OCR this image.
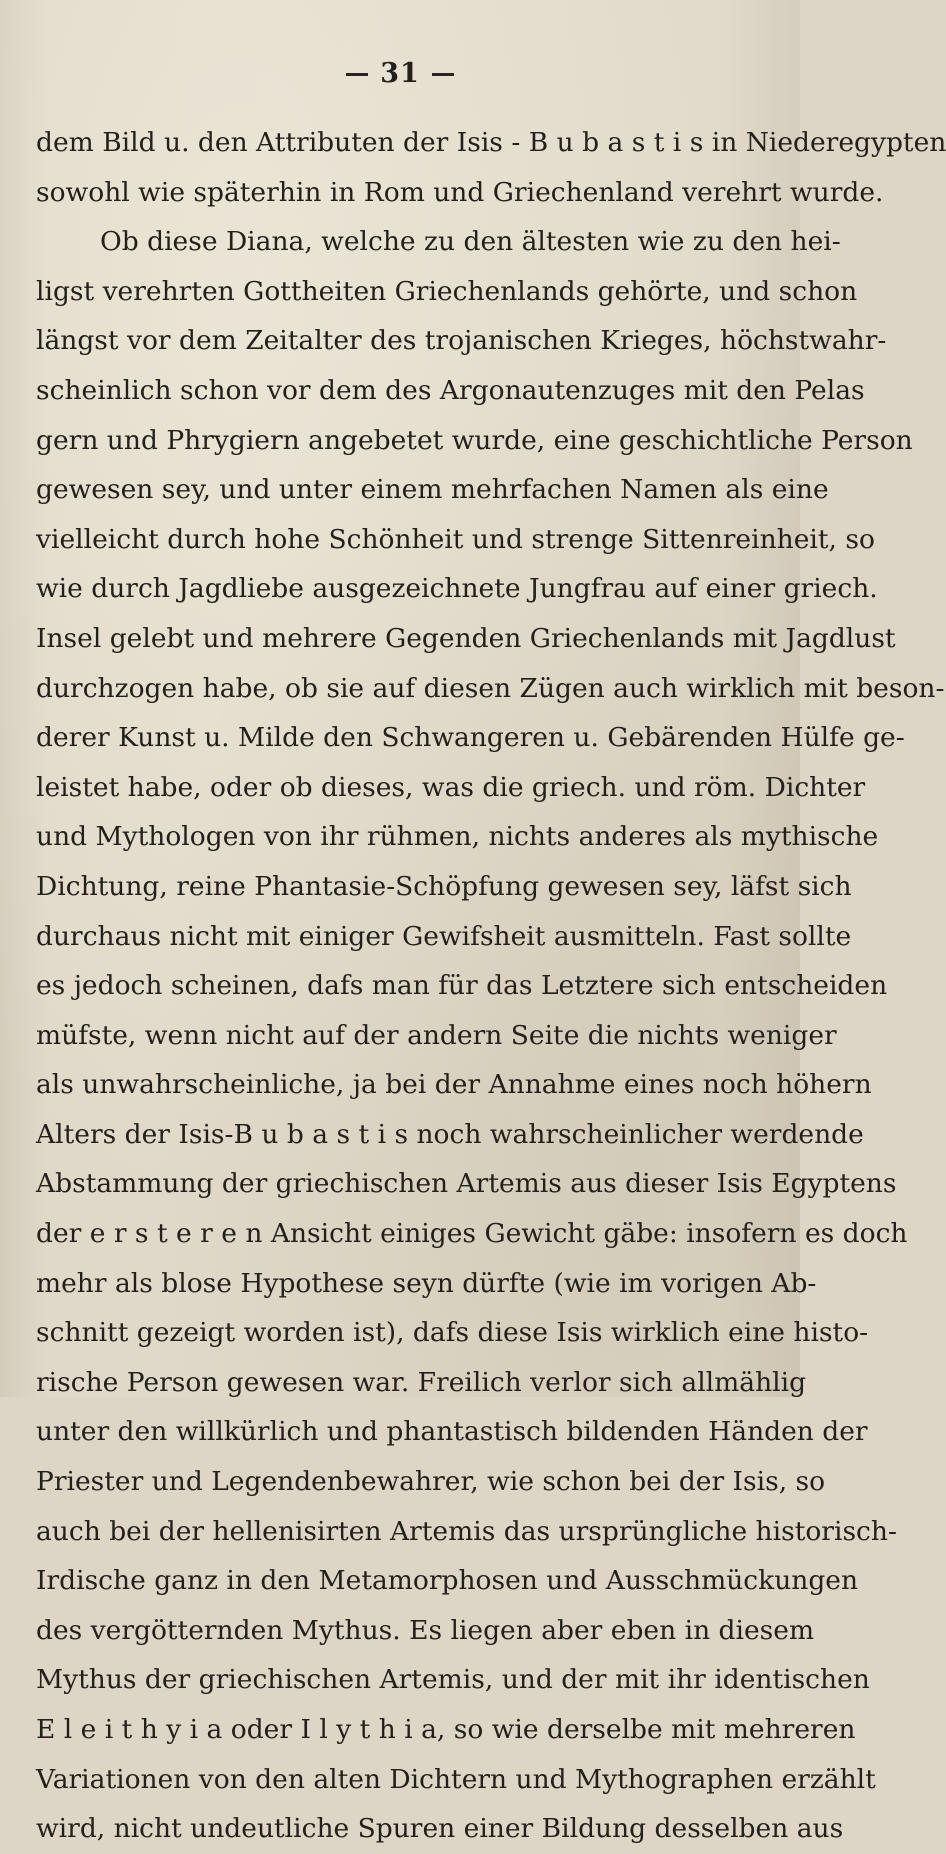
31
dem Bild u. den Attributen der Isis - B u b a s t i s in Niederegypten
sowohl wie späterhin in Rom und Griechenland verehrt wurde.
Ob diese Diana, welche zu den ältesten wie zu den hei-
ligst verehrten Gottheiten Griechenlands gehörte, und schon
längst vor dem Zeitalter des trojanischen Krieges, höchstwahr-
scheinlich schon vor dem des Argonautenzuges mit den Pelas
gern und Phrygiern angebetet wurde, eine geschichtliche Person
gewesen sey, und unter einem mehrfachen Namen als eine
vielleicht durch hohe Schönheit und strenge Sittenreinheit, so
wie durch Jagdliebe ausgezeichnete Jungfrau auf einer griech.
Insel gelebt und mehrere Gegenden Griechenlands mit Jagdlust
durchzogen habe, ob sie auf diesen Zügen auch wirklich mit beson-
derer Kunst u. Milde den Schwangeren u. Gebärenden Hülfe ge-
leistet habe, oder ob dieses, was die griech. und röm. Dichter
und Mythologen von ihr rühmen, nichts anderes als mythische
Dichtung, reine Phantasie-Schöpfung gewesen sey, läfst sich
durchaus nicht mit einiger Gewifsheit ausmitteln. Fast sollte
es jedoch scheinen, dafs man für das Letztere sich entscheiden
müfste, wenn nicht auf der andern Seite die nichts weniger
als unwahrscheinliche, ja bei der Annahme eines noch höhern
Alters der Isis-B u b a s t i s noch wahrscheinlicher werdende
Abstammung der griechischen Artemis aus dieser Isis Egyptens
der e r s t e r e n Ansicht einiges Gewicht gäbe: insofern es doch
mehr als blose Hypothese seyn dürfte (wie im vorigen Ab-
schnitt gezeigt worden ist), dafs diese Isis wirklich eine histo-
rische Person gewesen war. Freilich verlor sich allmählig
unter den willkürlich und phantastisch bildenden Händen der
Priester und Legendenbewahrer, wie schon bei der Isis, so
auch bei der hellenisirten Artemis das ursprüngliche historisch-
Irdische ganz in den Metamorphosen und Ausschmückungen
des vergötternden Mythus. Es liegen aber eben in diesem
Mythus der griechischen Artemis, und der mit ihr identischen
E l e i t h y i a oder I l y t h i a, so wie derselbe mit mehreren
Variationen von den alten Dichtern und Mythographen erzählt
wird, nicht undeutliche Spuren einer Bildung desselben aus
